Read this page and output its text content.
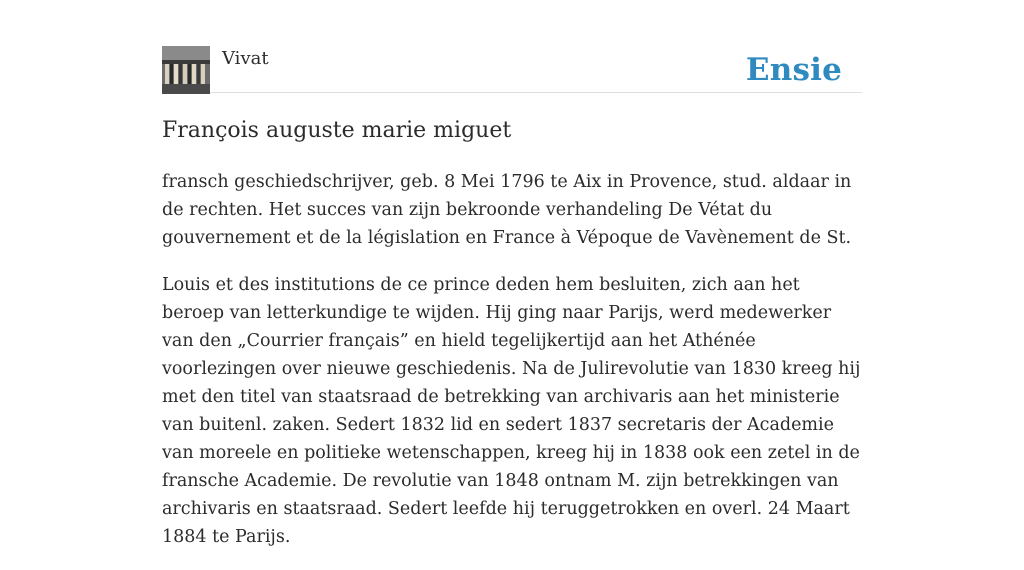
Vivat	Ensie
François auguste marie miguet

fransch geschiedschrijver, geb. 8 Mei 1796 te Aix in Provence, stud. aldaar in de rechten. Het succes van zijn bekroonde verhandeling De Vétat du gouvernement et de la législation en France à Vépoque de Vavènement de St.

Louis et des institutions de ce prince deden hem besluiten, zich aan het beroep van letterkundige te wijden. Hij ging naar Parijs, werd medewerker van den „Courrier français” en hield tegelijkertijd aan het Athénée voorlezingen over nieuwe geschiedenis. Na de Julirevolutie van 1830 kreeg hij met den titel van staatsraad de betrekking van archivaris aan het ministerie van buitenl. zaken. Sedert 1832 lid en sedert 1837 secretaris der Academie van moreele en politieke wetenschappen, kreeg hij in 1838 ook een zetel in de fransche Academie. De revolutie van 1848 ontnam M. zijn betrekkingen van archivaris en staatsraad. Sedert leefde hij teruggetrokken en overl. 24 Maart 1884 te Parijs.
